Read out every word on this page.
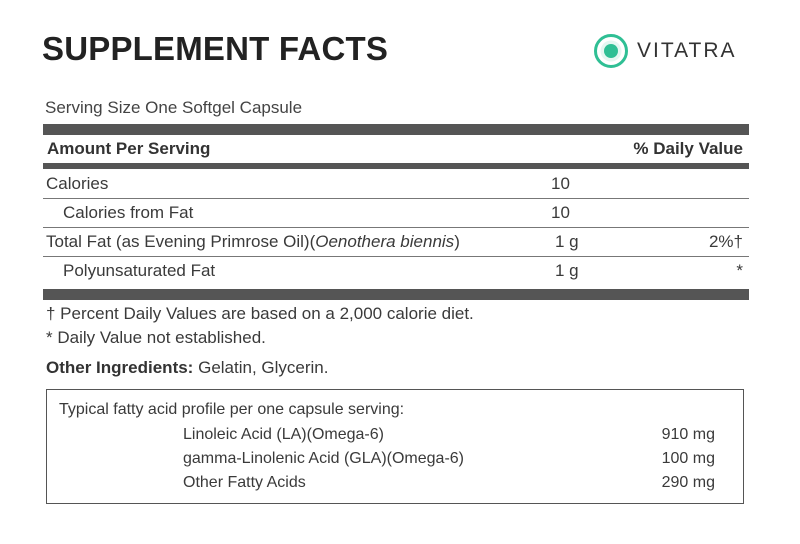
SUPPLEMENT FACTS	VITATRA
Serving Size One Softgel Capsule
Amount Per Serving	% Daily Value
Calories	10
Calories from Fat	10
Total Fat (as Evening Primrose Oil)(Oenothera biennis)	1 g	2%†
Polyunsaturated Fat	1 g	*
† Percent Daily Values are based on a 2,000 calorie diet.
* Daily Value not established.
Other Ingredients: Gelatin, Glycerin.
Typical fatty acid profile per one capsule serving:
Linoleic Acid (LA)(Omega-6)	910 mg
gamma-Linolenic Acid (GLA)(Omega-6)	100 mg
Other Fatty Acids	290 mg
